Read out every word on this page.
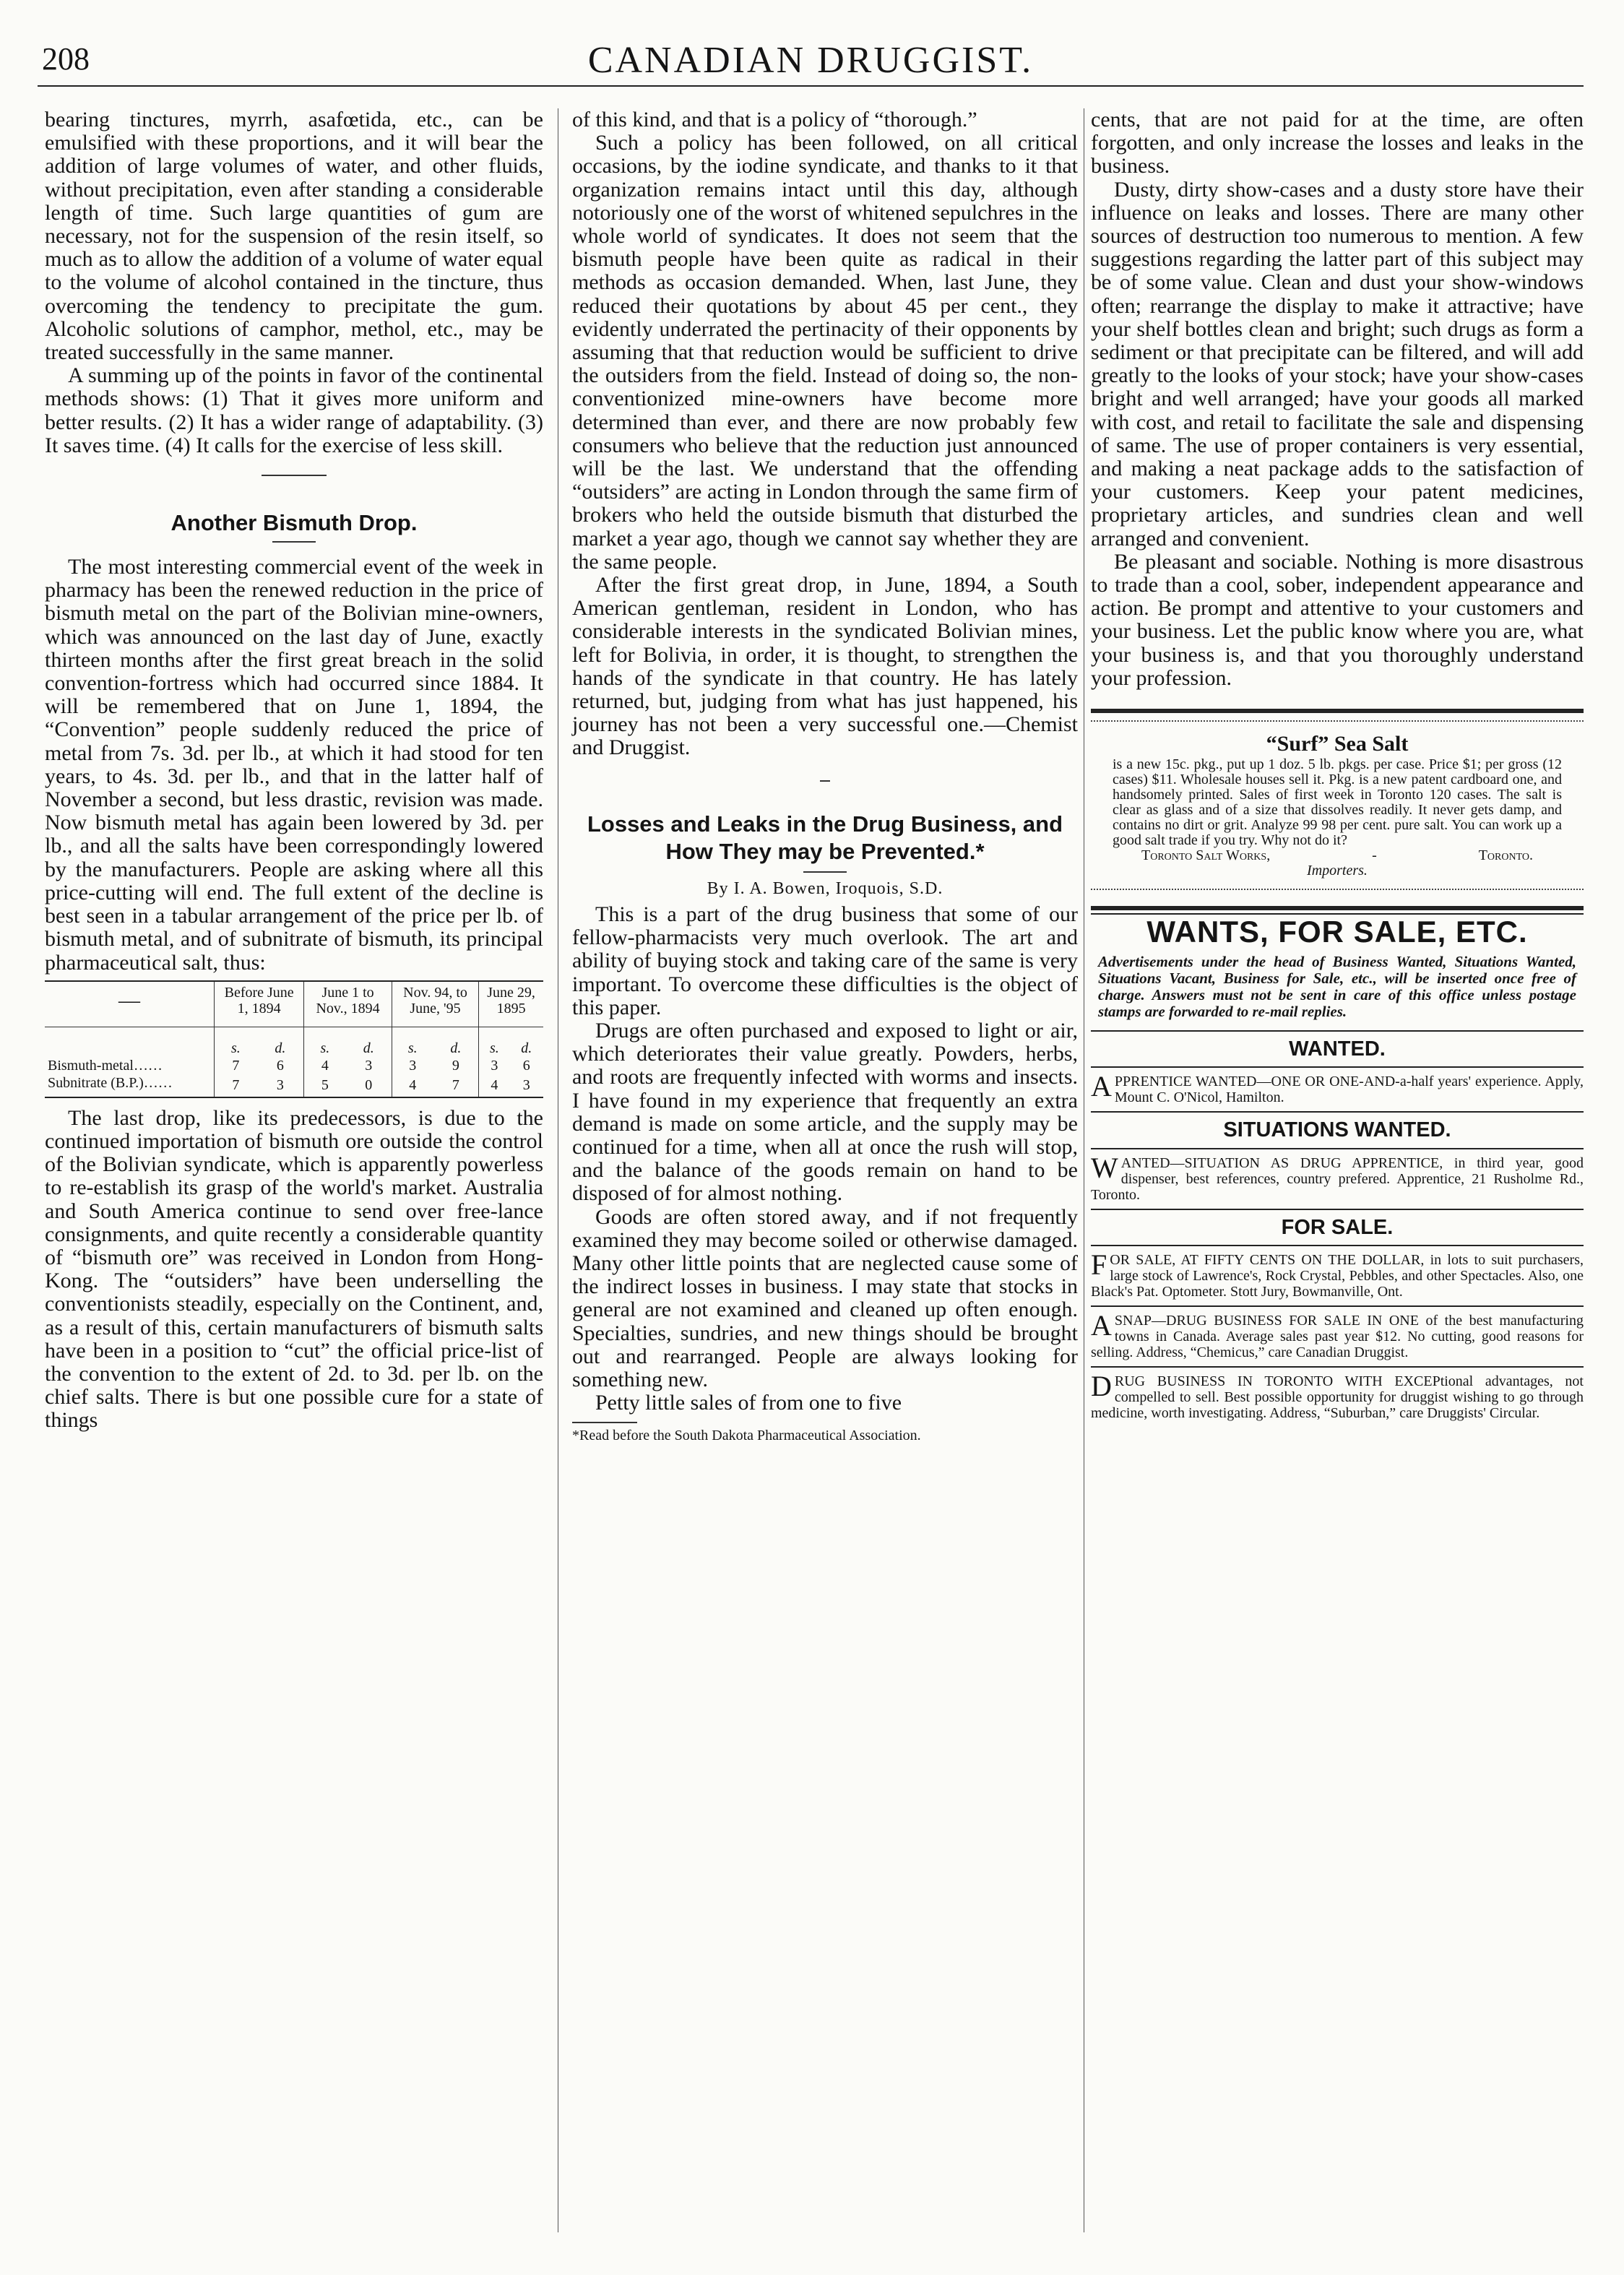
208	CANADIAN DRUGGIST.

bearing tinctures, myrrh, asafœtida, etc., can be emulsified with these proportions, and it will bear the addition of large volumes of water, and other fluids, without precipitation, even after standing a considerable length of time. Such large quantities of gum are necessary, not for the suspension of the resin itself, so much as to allow the addition of a volume of water equal to the volume of alcohol contained in the tincture, thus overcoming the tendency to precipitate the gum. Alcoholic solutions of camphor, methol, etc., may be treated successfully in the same manner.

A summing up of the points in favor of the continental methods shows: (1) That it gives more uniform and better results. (2) It has a wider range of adaptability. (3) It saves time. (4) It calls for the exercise of less skill.

Another Bismuth Drop.

The most interesting commercial event of the week in pharmacy has been the renewed reduction in the price of bismuth metal on the part of the Bolivian mine-owners, which was announced on the last day of June, exactly thirteen months after the first great breach in the solid convention-fortress which had occurred since 1884. It will be remembered that on June 1, 1894, the “Convention” people suddenly reduced the price of metal from 7s. 3d. per lb., at which it had stood for ten years, to 4s. 3d. per lb., and that in the latter half of November a second, but less drastic, revision was made. Now bismuth metal has again been lowered by 3d. per lb., and all the salts have been correspondingly lowered by the manufacturers. People are asking where all this price-cutting will end. The full extent of the decline is best seen in a tabular arrangement of the price per lb. of bismuth metal, and of subnitrate of bismuth, its principal pharmaceutical salt, thus:

—	Before June 1, 1894		June 1 to Nov., 1894		Nov. 94, to June, '95		June 29, 1895	
	s.	d.	s.	d.	s.	d.	s.	d.
Bismuth-metal……	7	6	4	3	3	9	3	6
Subnitrate (B.P.)……	7	3	5	0	4	7	4	3

The last drop, like its predecessors, is due to the continued importation of bismuth ore outside the control of the Bolivian syndicate, which is apparently powerless to re-establish its grasp of the world's market. Australia and South America continue to send over free-lance consignments, and quite recently a considerable quantity of “bismuth ore” was received in London from Hong-Kong. The “outsiders” have been underselling the conventionists steadily, especially on the Continent, and, as a result of this, certain manufacturers of bismuth salts have been in a position to “cut” the official price-list of the convention to the extent of 2d. to 3d. per lb. on the chief salts. There is but one possible cure for a state of things

of this kind, and that is a policy of “thorough.”

Such a policy has been followed, on all critical occasions, by the iodine syndicate, and thanks to it that organization remains intact until this day, although notoriously one of the worst of whitened sepulchres in the whole world of syndicates. It does not seem that the bismuth people have been quite as radical in their methods as occasion demanded. When, last June, they reduced their quotations by about 45 per cent., they evidently underrated the pertinacity of their opponents by assuming that that reduction would be sufficient to drive the outsiders from the field. Instead of doing so, the non-conventionized mine-owners have become more determined than ever, and there are now probably few consumers who believe that the reduction just announced will be the last. We understand that the offending “outsiders” are acting in London through the same firm of brokers who held the outside bismuth that disturbed the market a year ago, though we cannot say whether they are the same people.

After the first great drop, in June, 1894, a South American gentleman, resident in London, who has considerable interests in the syndicated Bolivian mines, left for Bolivia, in order, it is thought, to strengthen the hands of the syndicate in that country. He has lately returned, but, judging from what has just happened, his journey has not been a very successful one.—Chemist and Druggist.

Losses and Leaks in the Drug Business, and How They may be Prevented.*
By I. A. Bowen, Iroquois, S.D.

This is a part of the drug business that some of our fellow-pharmacists very much overlook. The art and ability of buying stock and taking care of the same is very important. To overcome these difficulties is the object of this paper.

Drugs are often purchased and exposed to light or air, which deteriorates their value greatly. Powders, herbs, and roots are frequently infected with worms and insects. I have found in my experience that frequently an extra demand is made on some article, and the supply may be continued for a time, when all at once the rush will stop, and the balance of the goods remain on hand to be disposed of for almost nothing.

Goods are often stored away, and if not frequently examined they may become soiled or otherwise damaged. Many other little points that are neglected cause some of the indirect losses in business. I may state that stocks in general are not examined and cleaned up often enough. Specialties, sundries, and new things should be brought out and rearranged. People are always looking for something new.

Petty little sales of from one to five

*Read before the South Dakota Pharmaceutical Association.

cents, that are not paid for at the time, are often forgotten, and only increase the losses and leaks in the business.

Dusty, dirty show-cases and a dusty store have their influence on leaks and losses. There are many other sources of destruction too numerous to mention. A few suggestions regarding the latter part of this subject may be of some value. Clean and dust your show-windows often; rearrange the display to make it attractive; have your shelf bottles clean and bright; such drugs as form a sediment or that precipitate can be filtered, and will add greatly to the looks of your stock; have your show-cases bright and well arranged; have your goods all marked with cost, and retail to facilitate the sale and dispensing of same. The use of proper containers is very essential, and making a neat package adds to the satisfaction of your customers. Keep your patent medicines, proprietary articles, and sundries clean and well arranged and convenient.

Be pleasant and sociable. Nothing is more disastrous to trade than a cool, sober, independent appearance and action. Be prompt and attentive to your customers and your business. Let the public know where you are, what your business is, and that you thoroughly understand your profession.

“Surf” Sea Salt
is a new 15c. pkg., put up 1 doz. 5 lb. pkgs. per case. Price $1; per gross (12 cases) $11. Wholesale houses sell it. Pkg. is a new patent cardboard one, and handsomely printed. Sales of first week in Toronto 120 cases. The salt is clear as glass and of a size that dissolves readily. It never gets damp, and contains no dirt or grit. Analyze 99 98 per cent. pure salt. You can work up a good salt trade if you try. Why not do it?
Toronto Salt Works,	-	Toronto.
Importers.
WANTS, FOR SALE, ETC.
Advertisements under the head of Business Wanted, Situations Wanted, Situations Vacant, Business for Sale, etc., will be inserted once free of charge. Answers must not be sent in care of this office unless postage stamps are forwarded to re-mail replies.
WANTED.
APPRENTICE WANTED—ONE OR ONE-AND-a-half years' experience. Apply, Mount C. O'Nicol, Hamilton.
SITUATIONS WANTED.
WANTED—SITUATION AS DRUG APPRENTICE, in third year, good dispenser, best references, country prefered. Apprentice, 21 Rusholme Rd., Toronto.
FOR SALE.
FOR SALE, AT FIFTY CENTS ON THE DOLLAR, in lots to suit purchasers, large stock of Lawrence's, Rock Crystal, Pebbles, and other Spectacles. Also, one Black's Pat. Optometer. Stott Jury, Bowmanville, Ont.
ASNAP—DRUG BUSINESS FOR SALE IN ONE of the best manufacturing towns in Canada. Average sales past year $12. No cutting, good reasons for selling. Address, “Chemicus,” care Canadian Druggist.
DRUG BUSINESS IN TORONTO WITH EXCEPtional advantages, not compelled to sell. Best possible opportunity for druggist wishing to go through medicine, worth investigating. Address, “Suburban,” care Druggists' Circular.
